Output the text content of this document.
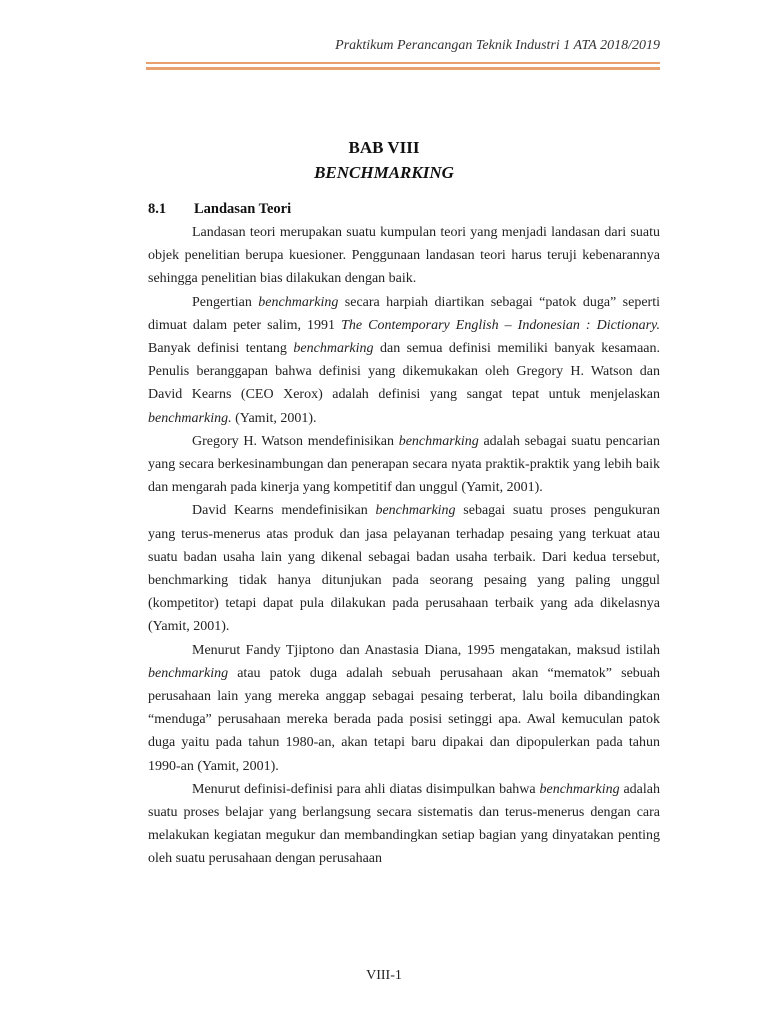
Praktikum Perancangan Teknik Industri 1 ATA 2018/2019
BAB VIII
BENCHMARKING
8.1 Landasan Teori

Landasan teori merupakan suatu kumpulan teori yang menjadi landasan dari suatu objek penelitian berupa kuesioner. Penggunaan landasan teori harus teruji kebenarannya sehingga penelitian bias dilakukan dengan baik.

Pengertian benchmarking secara harpiah diartikan sebagai “patok duga” seperti dimuat dalam peter salim, 1991 The Contemporary English – Indonesian : Dictionary. Banyak definisi tentang benchmarking dan semua definisi memiliki banyak kesamaan. Penulis beranggapan bahwa definisi yang dikemukakan oleh Gregory H. Watson dan David Kearns (CEO Xerox) adalah definisi yang sangat tepat untuk menjelaskan benchmarking. (Yamit, 2001).

Gregory H. Watson mendefinisikan benchmarking adalah sebagai suatu pencarian yang secara berkesinambungan dan penerapan secara nyata praktik-praktik yang lebih baik dan mengarah pada kinerja yang kompetitif dan unggul (Yamit, 2001).

David Kearns mendefinisikan benchmarking sebagai suatu proses pengukuran yang terus-menerus atas produk dan jasa pelayanan terhadap pesaing yang terkuat atau suatu badan usaha lain yang dikenal sebagai badan usaha terbaik. Dari kedua tersebut, benchmarking tidak hanya ditunjukan pada seorang pesaing yang paling unggul (kompetitor) tetapi dapat pula dilakukan pada perusahaan terbaik yang ada dikelasnya (Yamit, 2001).

Menurut Fandy Tjiptono dan Anastasia Diana, 1995 mengatakan, maksud istilah benchmarking atau patok duga adalah sebuah perusahaan akan “mematok” sebuah perusahaan lain yang mereka anggap sebagai pesaing terberat, lalu boila dibandingkan “menduga” perusahaan mereka berada pada posisi setinggi apa. Awal kemuculan patok duga yaitu pada tahun 1980-an, akan tetapi baru dipakai dan dipopulerkan pada tahun 1990-an (Yamit, 2001).

Menurut definisi-definisi para ahli diatas disimpulkan bahwa benchmarking adalah suatu proses belajar yang berlangsung secara sistematis dan terus-menerus dengan cara melakukan kegiatan megukur dan membandingkan setiap bagian yang dinyatakan penting oleh suatu perusahaan dengan perusahaan

VIII-1
